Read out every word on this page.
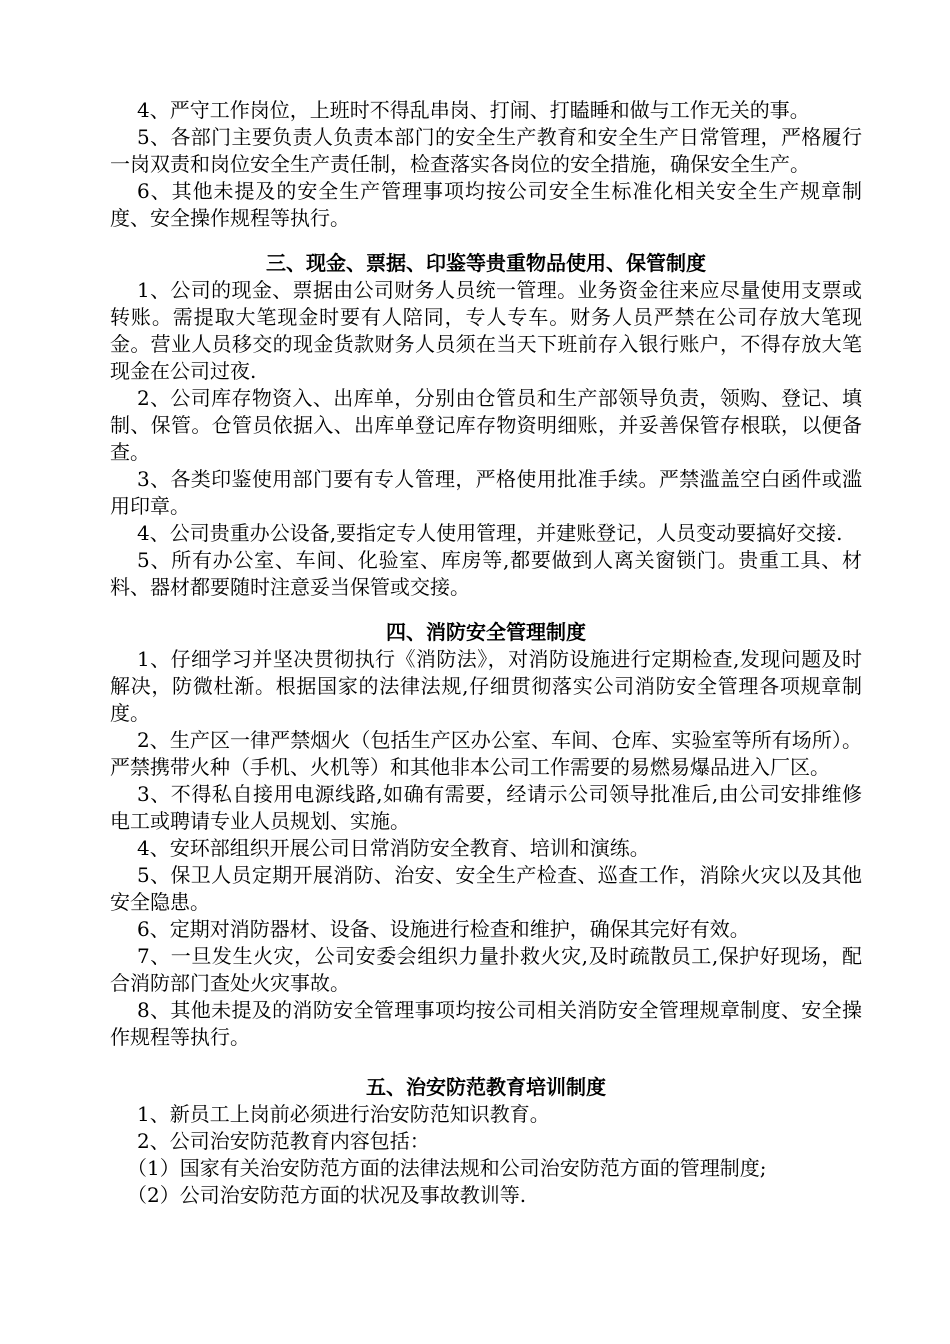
4、严守工作岗位，上班时不得乱串岗、打闹、打瞌睡和做与工作无关的事。

5、各部门主要负责人负责本部门的安全生产教育和安全生产日常管理，严格履行一岗双责和岗位安全生产责任制，检查落实各岗位的安全措施，确保安全生产。

6、其他未提及的安全生产管理事项均按公司安全生标准化相关安全生产规章制度、安全操作规程等执行。

三、现金、票据、印鉴等贵重物品使用、保管制度

1、公司的现金、票据由公司财务人员统一管理。业务资金往来应尽量使用支票或转账。需提取大笔现金时要有人陪同，专人专车。财务人员严禁在公司存放大笔现金。营业人员移交的现金货款财务人员须在当天下班前存入银行账户，不得存放大笔现金在公司过夜.

2、公司库存物资入、出库单，分别由仓管员和生产部领导负责，领购、登记、填制、保管。仓管员依据入、出库单登记库存物资明细账，并妥善保管存根联，以便备查。

3、各类印鉴使用部门要有专人管理，严格使用批准手续。严禁滥盖空白函件或滥用印章。

4、公司贵重办公设备,要指定专人使用管理，并建账登记，人员变动要搞好交接.

5、所有办公室、车间、化验室、库房等,都要做到人离关窗锁门。贵重工具、材料、器材都要随时注意妥当保管或交接。

四、消防安全管理制度

1、仔细学习并坚决贯彻执行《消防法》，对消防设施进行定期检查,发现问题及时解决，防微杜渐。根据国家的法律法规,仔细贯彻落实公司消防安全管理各项规章制度。

2、生产区一律严禁烟火（包括生产区办公室、车间、仓库、实验室等所有场所）。严禁携带火种（手机、火机等）和其他非本公司工作需要的易燃易爆品进入厂区。

3、不得私自接用电源线路,如确有需要，经请示公司领导批准后,由公司安排维修电工或聘请专业人员规划、实施。

4、安环部组织开展公司日常消防安全教育、培训和演练。

5、保卫人员定期开展消防、治安、安全生产检查、巡查工作，消除火灾以及其他安全隐患。

6、定期对消防器材、设备、设施进行检查和维护，确保其完好有效。

7、一旦发生火灾，公司安委会组织力量扑救火灾,及时疏散员工,保护好现场，配合消防部门查处火灾事故。

8、其他未提及的消防安全管理事项均按公司相关消防安全管理规章制度、安全操作规程等执行。

五、治安防范教育培训制度

1、新员工上岗前必须进行治安防范知识教育。

2、公司治安防范教育内容包括：

（1）国家有关治安防范方面的法律法规和公司治安防范方面的管理制度;

（2）公司治安防范方面的状况及事故教训等.
